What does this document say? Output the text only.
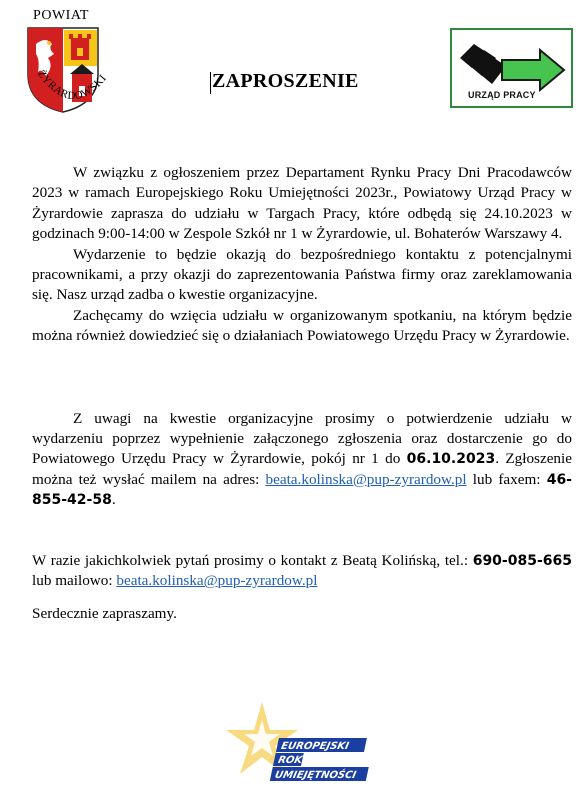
POWIAT
ŻYRARDOWSKI	ZAPROSZENIE
URZĄD PRACY

W związku z ogłoszeniem przez Departament Rynku Pracy Dni Pracodawców 2023 w ramach Europejskiego Roku Umiejętności 2023r., Powiatowy Urząd Pracy w Żyrardowie zaprasza do udziału w Targach Pracy, które odbędą się 24.10.2023 w godzinach 9:00-14:00 w Zespole Szkół nr 1 w Żyrardowie, ul. Bohaterów Warszawy 4.

Wydarzenie to będzie okazją do bezpośredniego kontaktu z potencjalnymi pracownikami, a przy okazji do zaprezentowania Państwa firmy oraz zareklamowania się. Nasz urząd zadba o kwestie organizacyjne.

Zachęcamy do wzięcia udziału w organizowanym spotkaniu, na którym będzie można również dowiedzieć się o działaniach Powiatowego Urzędu Pracy w Żyrardowie.

Z uwagi na kwestie organizacyjne prosimy o potwierdzenie udziału w wydarzeniu poprzez wypełnienie załączonego zgłoszenia oraz dostarczenie go do Powiatowego Urzędu Pracy w Żyrardowie, pokój nr 1 do 06.10.2023. Zgłoszenie można też wysłać mailem na adres: beata.kolinska@pup-zyrardow.pl lub faxem: 46-855-42-58.

W razie jakichkolwiek pytań prosimy o kontakt z Beatą Kolińską, tel.: 690-085-665 lub mailowo: beata.kolinska@pup-zyrardow.pl

Serdecznie zapraszamy.

EUROPEJSKI
ROK
UMIEJĘTNOŚCI
